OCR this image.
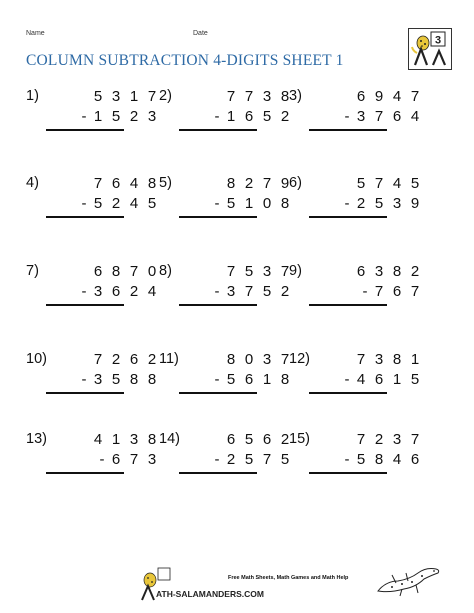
Name	Date
COLUMN SUBTRACTION 4-DIGITS SHEET 1
3
1)	5 3 1 7
- 1 5 2 3
2)	7 7 3 8
- 1 6 5 2
3)	6 9 4 7
- 3 7 6 4
4)	7 6 4 8
- 5 2 4 5
5)	8 2 7 9
- 5 1 0 8
6)	5 7 4 5
- 2 5 3 9
7)	6 8 7 0
- 3 6 2 4
8)	7 5 3 7
- 3 7 5 2
9)	6 3 8 2
- 7 6 7
10)	7 2 6 2
- 3 5 8 8
11)	8 0 3 7
- 5 6 1 8
12)	7 3 8 1
- 4 6 1 5
13)	4 1 3 8
- 6 7 3
14)	6 5 6 2
- 2 5 7 5
15)	7 2 3 7
- 5 8 4 6
ATH-SALAMANDERS.COM
Free Math Sheets, Math Games and Math Help
